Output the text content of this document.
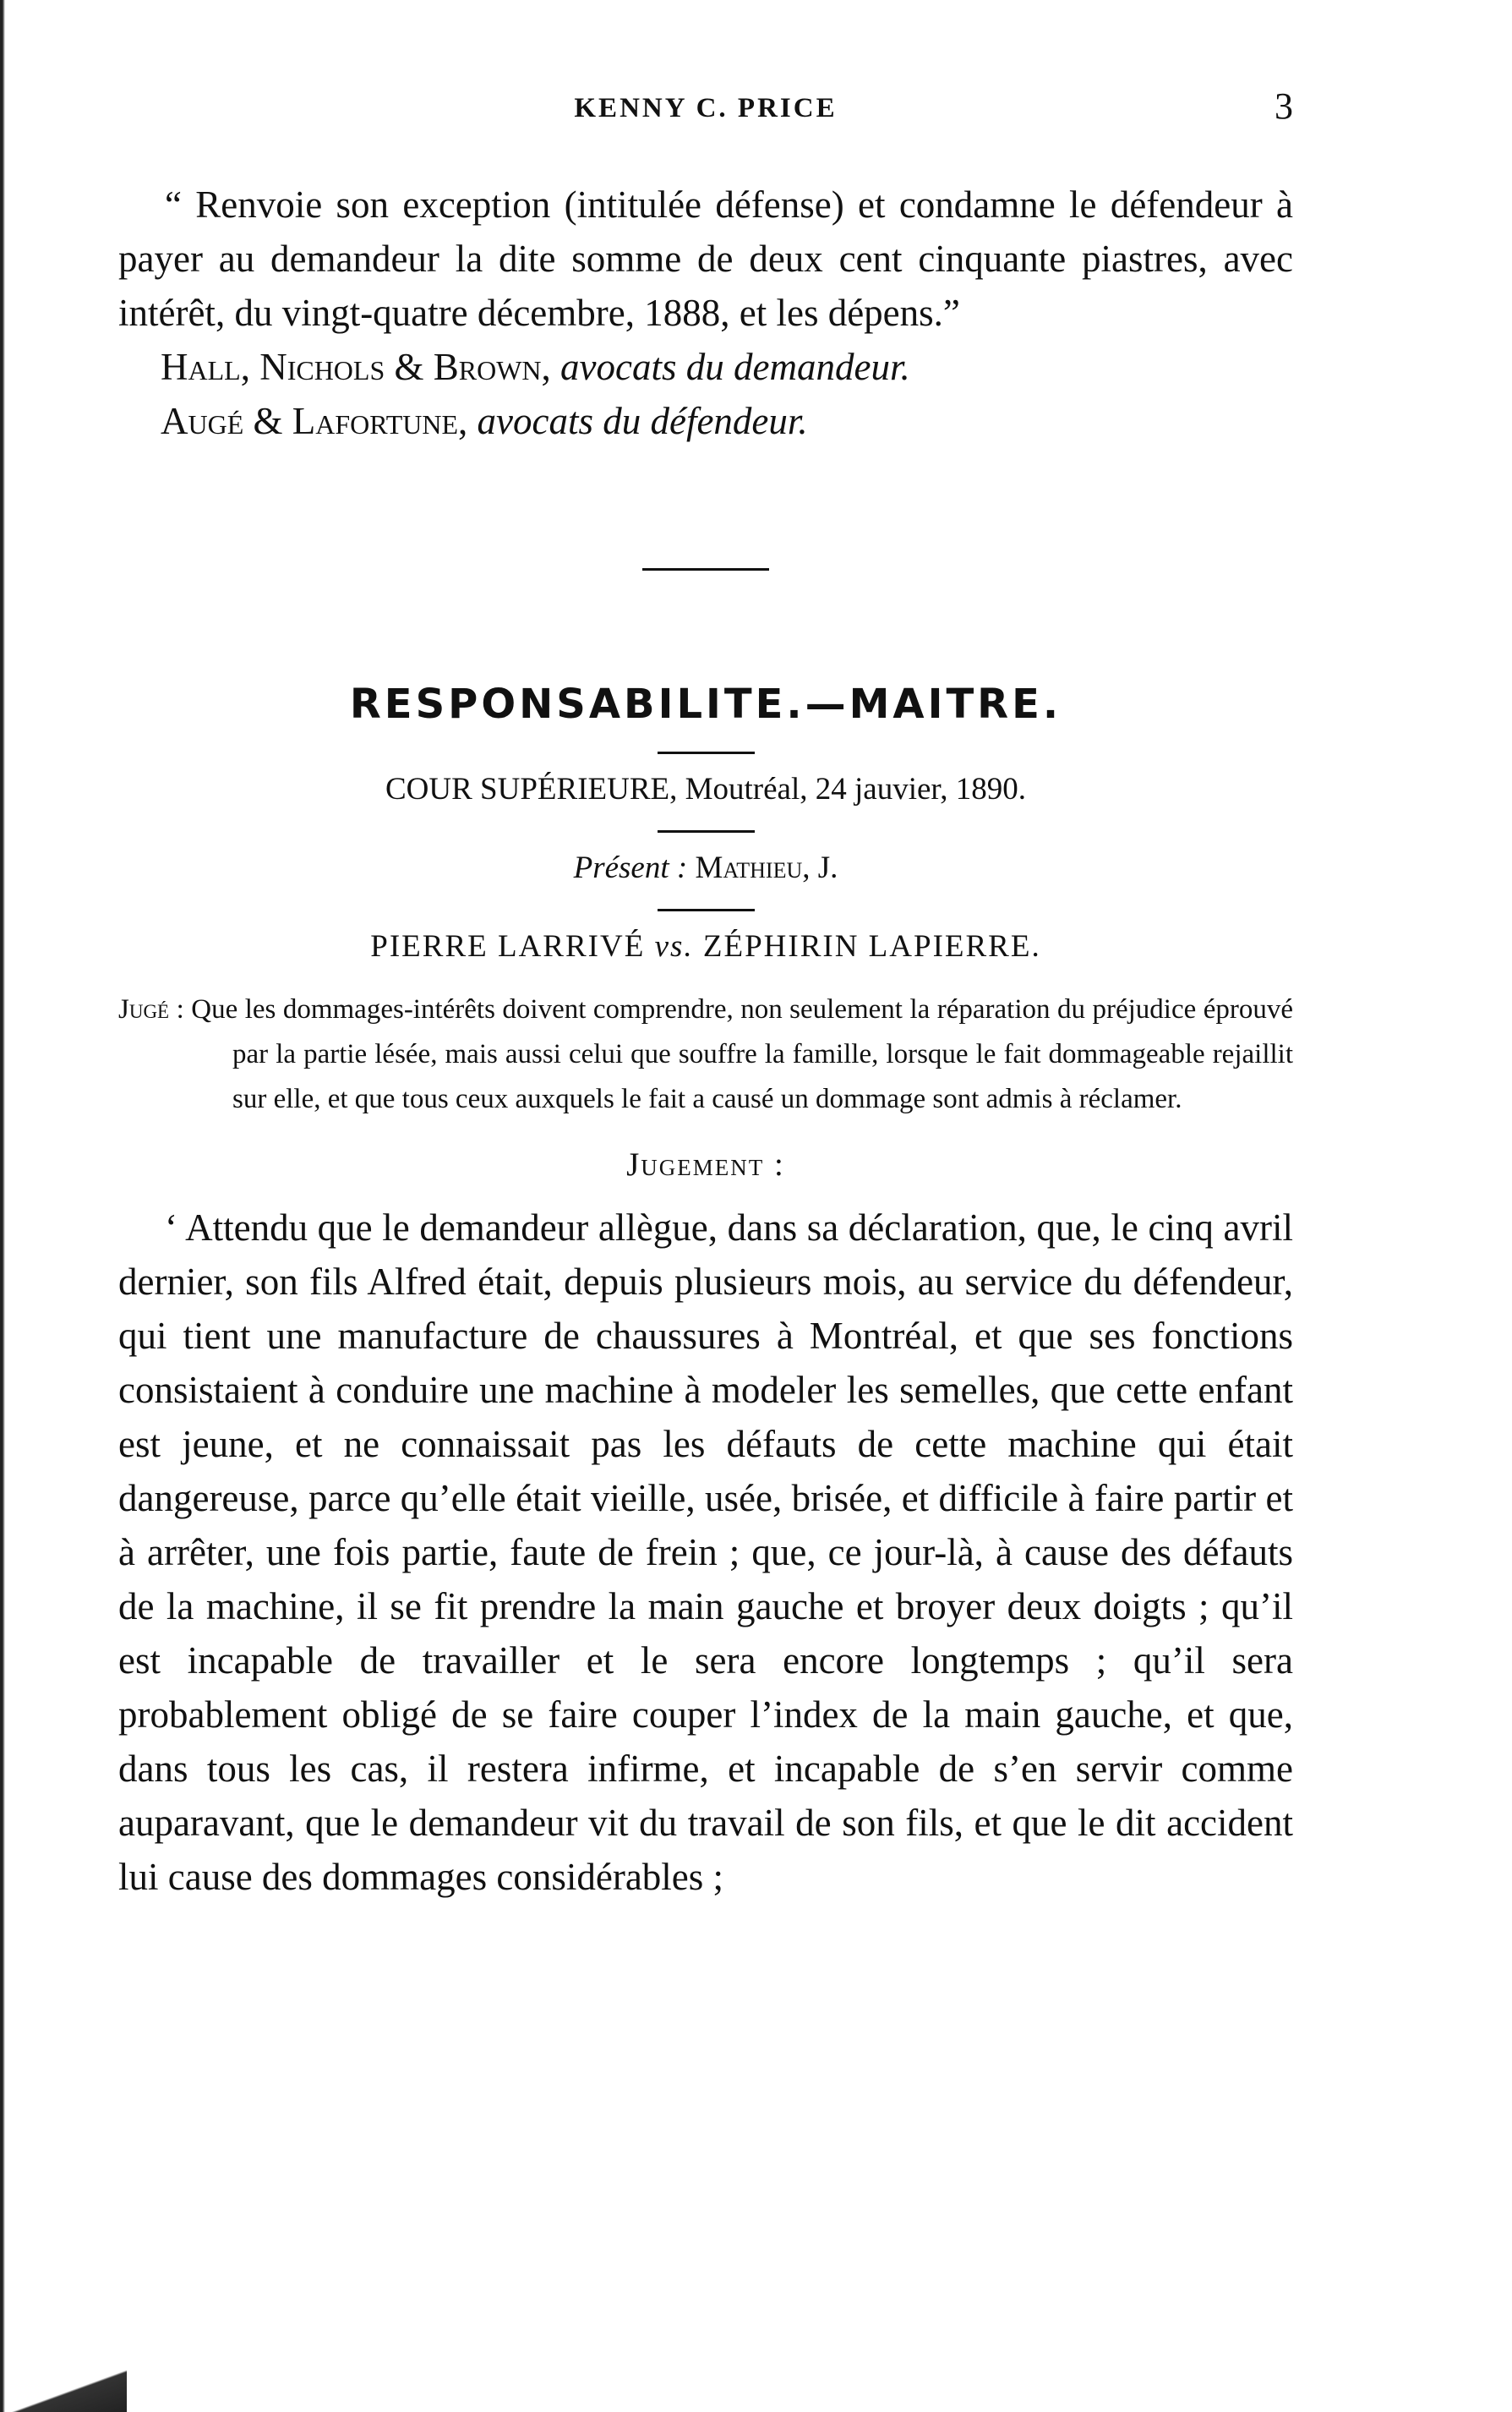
KENNY C. PRICE	3

“ Renvoie son exception (intitulée défense) et condamne le défendeur à payer au demandeur la dite somme de deux cent cinquante piastres, avec intérêt, du vingt-quatre décembre, 1888, et les dépens.”

Hall, Nichols & Brown, avocats du demandeur.

Augé & Lafortune, avocats du défendeur.

RESPONSABILITE.—MAITRE.

COUR SUPÉRIEURE, Moutréal, 24 jauvier, 1890.

Présent : Mathieu, J.

PIERRE LARRIVÉ vs. ZÉPHIRIN LAPIERRE.

Jugé : Que les dommages-intérêts doivent comprendre, non seulement la réparation du préjudice éprouvé par la partie lésée, mais aussi celui que souffre la famille, lorsque le fait dommageable rejaillit sur elle, et que tous ceux auxquels le fait a causé un dommage sont admis à réclamer.

Jugement :

‘ Attendu que le demandeur allègue, dans sa déclaration, que, le cinq avril dernier, son fils Alfred était, depuis plusieurs mois, au service du défendeur, qui tient une manufacture de chaussures à Montréal, et que ses fonctions consistaient à conduire une machine à modeler les semelles, que cette enfant est jeune, et ne connaissait pas les défauts de cette machine qui était dangereuse, parce qu’elle était vieille, usée, brisée, et difficile à faire partir et à arrêter, une fois partie, faute de frein ; que, ce jour-là, à cause des défauts de la machine, il se fit prendre la main gauche et broyer deux doigts ; qu’il est incapable de travailler et le sera encore longtemps ; qu’il sera probablement obligé de se faire couper l’index de la main gauche, et que, dans tous les cas, il restera infirme, et incapable de s’en servir comme auparavant, que le demandeur vit du travail de son fils, et que le dit accident lui cause des dommages considérables ;
